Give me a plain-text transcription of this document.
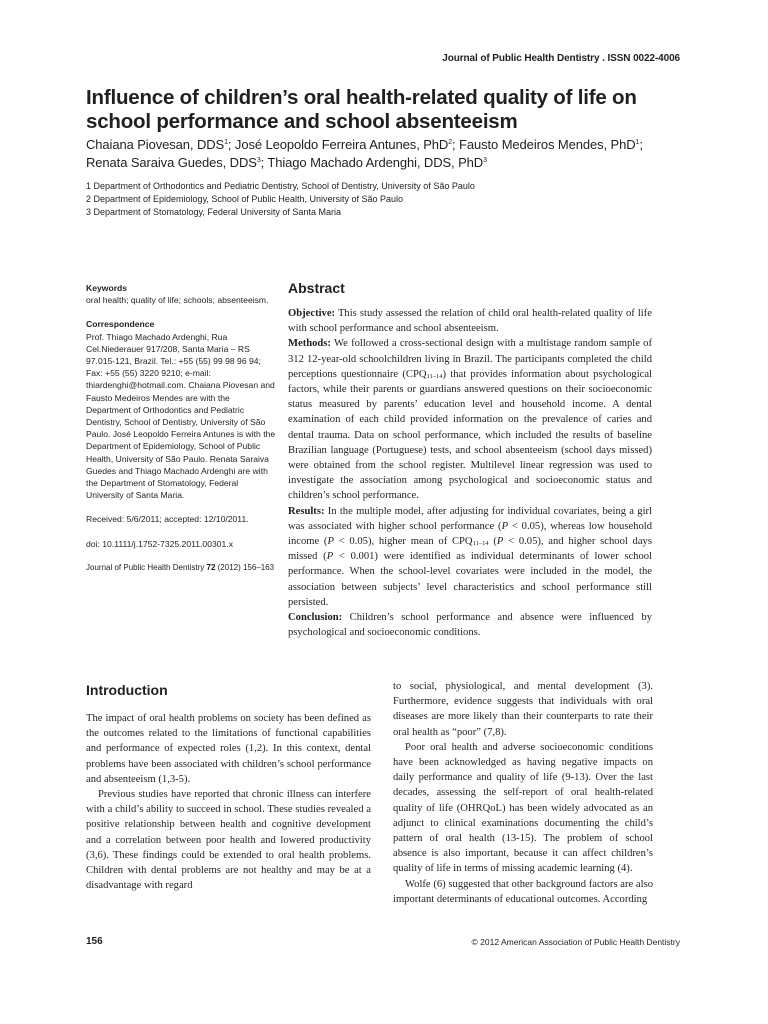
Journal of Public Health Dentistry . ISSN 0022-4006
Influence of children’s oral health-related quality of life on school performance and school absenteeism
Chaiana Piovesan, DDS$^1$; José Leopoldo Ferreira Antunes, PhD$^2$; Fausto Medeiros Mendes, PhD$^1$;
Renata Saraiva Guedes, DDS$^3$; Thiago Machado Ardenghi, DDS, PhD$^3$
1 Department of Orthodontics and Pediatric Dentistry, School of Dentistry, University of São Paulo
2 Department of Epidemiology, School of Public Health, University of São Paulo
3 Department of Stomatology, Federal University of Santa Maria
Keywords

oral health; quality of life; schools; absenteeism.

Correspondence

Prof. Thiago Machado Ardenghi, Rua Cel.Niederauer 917/208, Santa Maria – RS 97.015-121, Brazil. Tel.: +55 (55) 99 98 96 94; Fax: +55 (55) 3220 9210; e-mail: thiardenghi@hotmail.com. Chaiana Piovesan and Fausto Medeiros Mendes are with the Department of Orthodontics and Pediatric Dentistry, School of Dentistry, University of São Paulo. José Leopoldo Ferreira Antunes is with the Department of Epidemiology, School of Public Health, University of São Paulo. Renata Saraiva Guedes and Thiago Machado Ardenghi are with the Department of Stomatology, Federal University of Santa Maria.

Received: 5/6/2011; accepted: 12/10/2011.
doi: 10.1111/j.1752-7325.2011.00301.x
Journal of Public Health Dentistry 72 (2012) 156–163
Abstract

Objective: This study assessed the relation of child oral health-related quality of life with school performance and school absenteeism.

Methods: We followed a cross-sectional design with a multistage random sample of 312 12-year-old schoolchildren living in Brazil. The participants completed the child perceptions questionnaire $(CPQ_{11-14})$ that provides information about psychological factors, while their parents or guardians answered questions on their socioeconomic status measured by parents’ education level and household income. A dental examination of each child provided information on the prevalence of caries and dental trauma. Data on school performance, which included the results of baseline Brazilian language (Portuguese) tests, and school absenteeism (school days missed) were obtained from the school register. Multilevel linear regression was used to investigate the association among psychological and socioeconomic status and children’s school performance.

Results: In the multiple model, after adjusting for individual covariates, being a girl was associated with higher school performance (P < 0.05), whereas low household income (P < 0.05), higher mean of $CPQ_{11-14}$ (P < 0.05), and higher school days missed (P < 0.001) were identified as individual determinants of lower school performance. When the school-level covariates were included in the model, the association between subjects’ level characteristics and school performance still persisted.

Conclusion: Children’s school performance and absence were influenced by psychological and socioeconomic conditions.

Introduction

The impact of oral health problems on society has been defined as the outcomes related to the limitations of functional capabilities and performance of expected roles (1,2). In this context, dental problems have been associated with children’s school performance and absenteeism (1,3-5).

Previous studies have reported that chronic illness can interfere with a child’s ability to succeed in school. These studies revealed a positive relationship between health and cognitive development and a correlation between poor health and lowered productivity (3,6). These findings could be extended to oral health problems. Children with dental problems are not healthy and may be at a disadvantage with regard

to social, physiological, and mental development (3). Furthermore, evidence suggests that individuals with oral diseases are more likely than their counterparts to rate their oral health as “poor” (7,8).

Poor oral health and adverse socioeconomic conditions have been acknowledged as having negative impacts on daily performance and quality of life (9-13). Over the last decades, assessing the self-report of oral health-related quality of life (OHRQoL) has been widely advocated as an adjunct to clinical examinations documenting the child’s pattern of oral health (13-15). The problem of school absence is also important, because it can affect children’s quality of life in terms of missing academic learning (4).

Wolfe (6) suggested that other background factors are also important determinants of educational outcomes. According

156	© 2012 American Association of Public Health Dentistry
